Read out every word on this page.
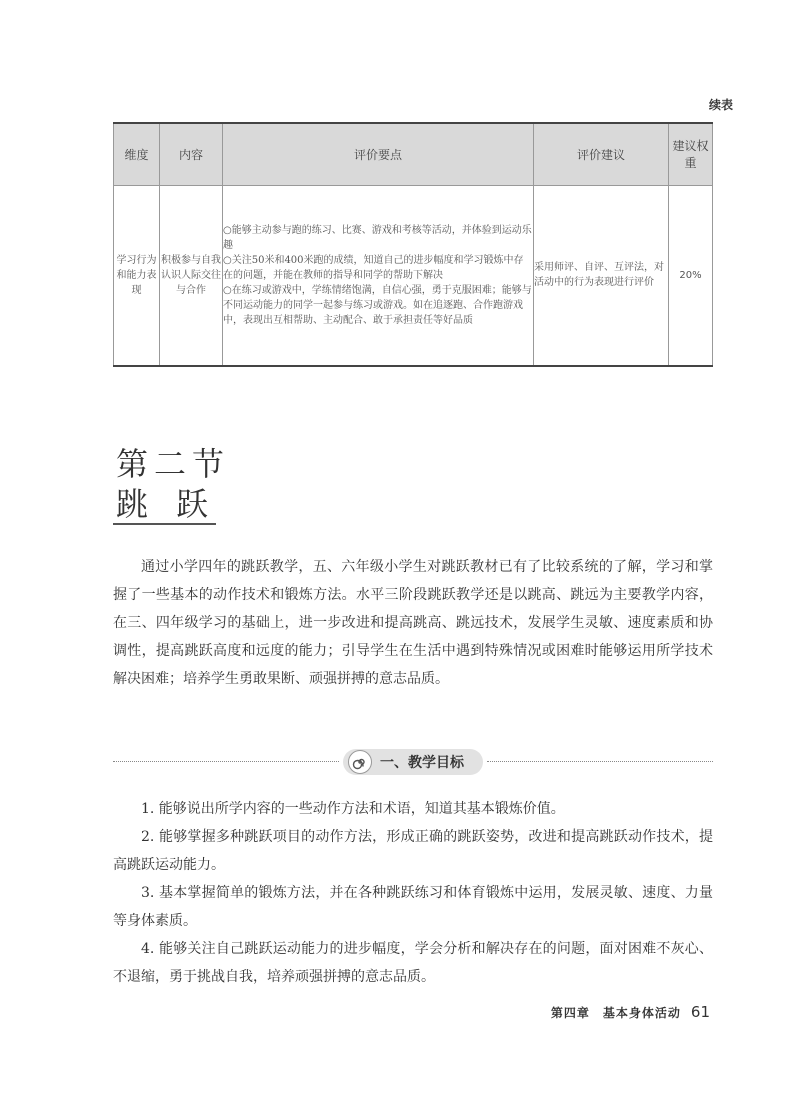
续表
维度	内容	评价要点	评价建议	建议权重
学习行为和能力表现	积极参与自我认识人际交往与合作	○能够主动参与跑的练习、比赛、游戏和考核等活动，并体验到运动乐趣

○关注50米和400米跑的成绩，知道自己的进步幅度和学习锻炼中存在的问题，并能在教师的指导和同学的帮助下解决

○在练习或游戏中，学练情绪饱满，自信心强，勇于克服困难；能够与不同运动能力的同学一起参与练习或游戏。如在追逐跑、合作跑游戏中，表现出互相帮助、主动配合、敢于承担责任等好品质	采用师评、自评、互评法，对活动中的行为表现进行评价	20%
第二节
跳跃

通过小学四年的跳跃教学，五、六年级小学生对跳跃教材已有了比较系统的了解，学习和掌握了一些基本的动作技术和锻炼方法。水平三阶段跳跃教学还是以跳高、跳远为主要教学内容，在三、四年级学习的基础上，进一步改进和提高跳高、跳远技术，发展学生灵敏、速度素质和协调性，提高跳跃高度和远度的能力；引导学生在生活中遇到特殊情况或困难时能够运用所学技术解决困难；培养学生勇敢果断、顽强拼搏的意志品质。

一、教学目标

1. 能够说出所学内容的一些动作方法和术语，知道其基本锻炼价值。

2. 能够掌握多种跳跃项目的动作方法，形成正确的跳跃姿势，改进和提高跳跃动作技术，提高跳跃运动能力。

3. 基本掌握简单的锻炼方法，并在各种跳跃练习和体育锻炼中运用，发展灵敏、速度、力量等身体素质。

4. 能够关注自己跳跃运动能力的进步幅度，学会分析和解决存在的问题，面对困难不灰心、不退缩，勇于挑战自我，培养顽强拼搏的意志品质。

第四章　基本身体活动 61
